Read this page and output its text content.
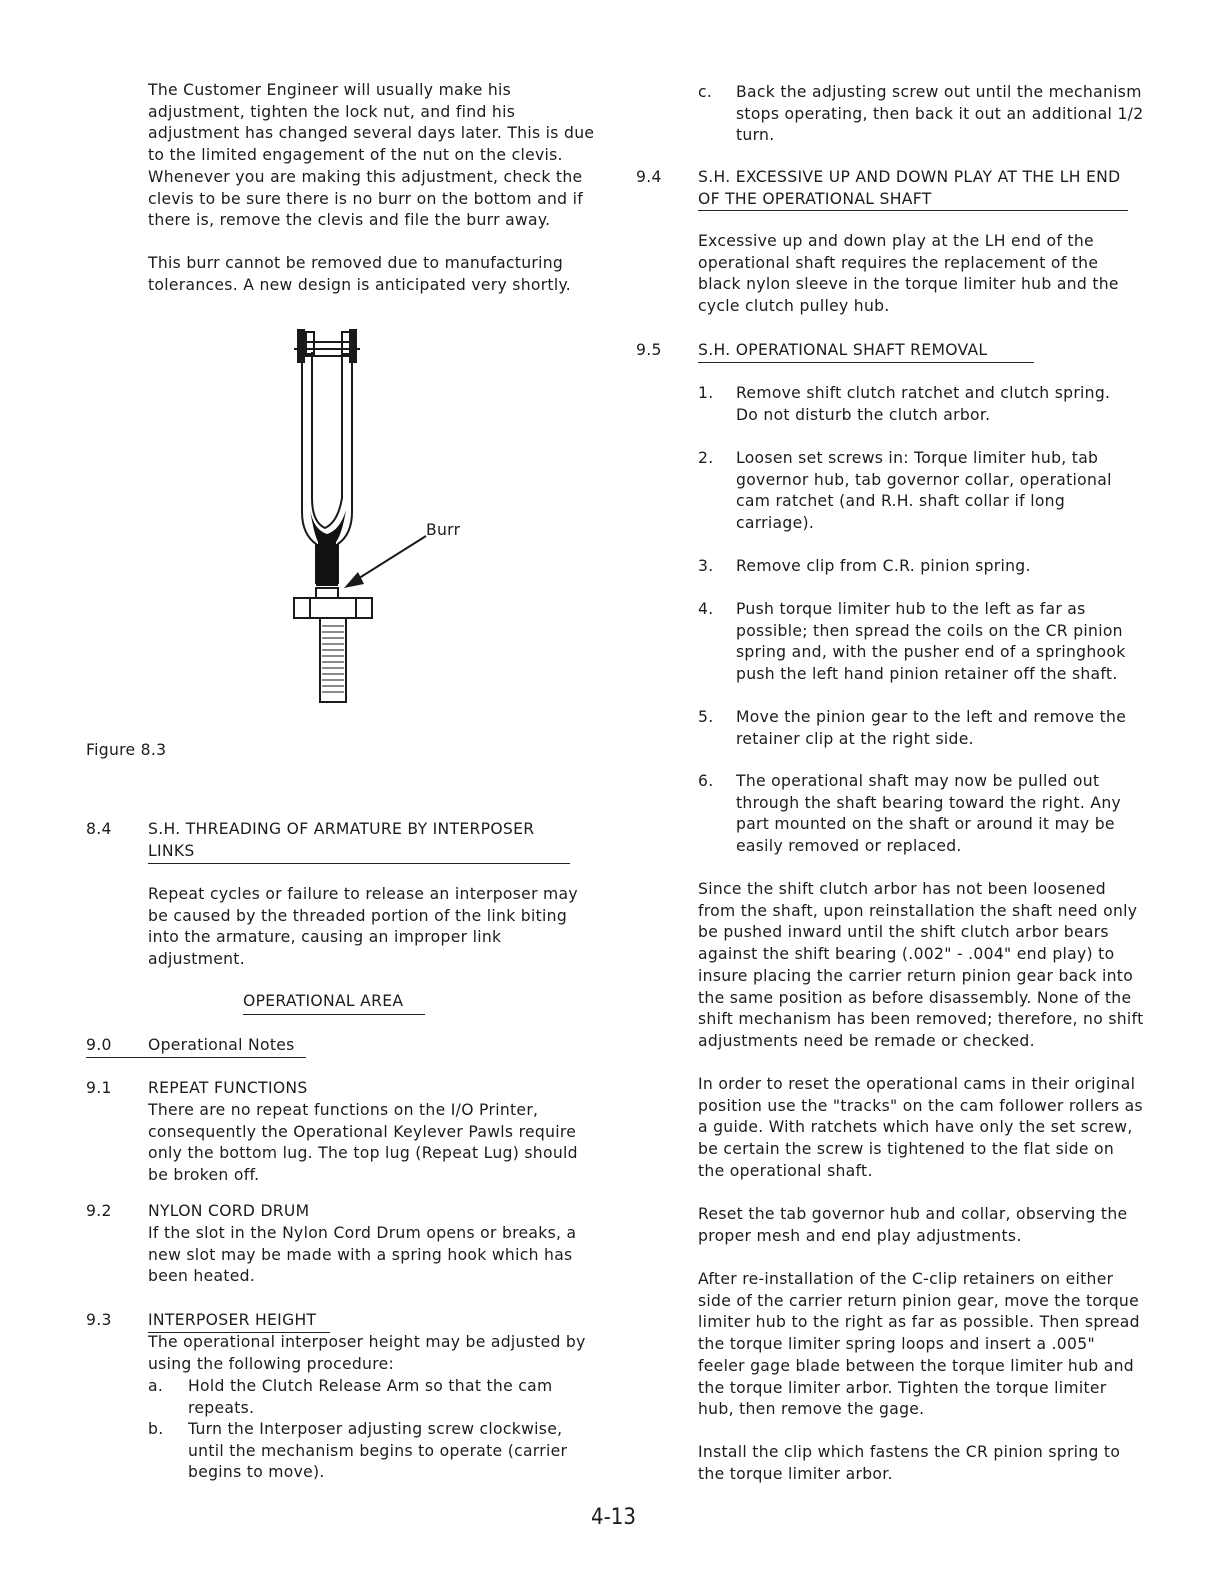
The Customer Engineer will usually make his adjustment, tighten the lock nut, and find his adjustment has changed several days later. This is due to the limited engagement of the nut on the clevis. Whenever you are making this adjustment, check the clevis to be sure there is no burr on the bottom and if there is, remove the clevis and file the burr away.

This burr cannot be removed due to manufacturing tolerances. A new design is anticipated very shortly.

Burr
Figure 8.3
8.4 S.H. THREADING OF ARMATURE BY INTERPOSER LINKS

Repeat cycles or failure to release an interposer may be caused by the threaded portion of the link biting into the armature, causing an improper link adjustment.

OPERATIONAL AREA
9.0 Operational Notes
9.1 REPEAT FUNCTIONS

There are no repeat functions on the I/O Printer, consequently the Operational Keylever Pawls require only the bottom lug. The top lug (Repeat Lug) should be broken off.

9.2 NYLON CORD DRUM

If the slot in the Nylon Cord Drum opens or breaks, a new slot may be made with a spring hook which has been heated.

9.3 INTERPOSER HEIGHT

The operational interposer height may be adjusted by using the following procedure:

a. Hold the Clutch Release Arm so that the cam repeats.

b. Turn the Interposer adjusting screw clockwise, until the mechanism begins to operate (carrier begins to move).

c. Back the adjusting screw out until the mechanism stops operating, then back it out an additional 1/2 turn.

9.4 S.H. EXCESSIVE UP AND DOWN PLAY AT THE LH END OF THE OPERATIONAL SHAFT

Excessive up and down play at the LH end of the operational shaft requires the replacement of the black nylon sleeve in the torque limiter hub and the cycle clutch pulley hub.

9.5 S.H. OPERATIONAL SHAFT REMOVAL
1. Remove shift clutch ratchet and clutch spring. Do not disturb the clutch arbor.

2. Loosen set screws in: Torque limiter hub, tab governor hub, tab governor collar, operational cam ratchet (and R.H. shaft collar if long carriage).

3. Remove clip from C.R. pinion spring.

4. Push torque limiter hub to the left as far as possible; then spread the coils on the CR pinion spring and, with the pusher end of a springhook push the left hand pinion retainer off the shaft.

5. Move the pinion gear to the left and remove the retainer clip at the right side.

6. The operational shaft may now be pulled out through the shaft bearing toward the right. Any part mounted on the shaft or around it may be easily removed or replaced.

Since the shift clutch arbor has not been loosened from the shaft, upon reinstallation the shaft need only be pushed inward until the shift clutch arbor bears against the shift bearing (.002" - .004" end play) to insure placing the carrier return pinion gear back into the same position as before disassembly. None of the shift mechanism has been removed; therefore, no shift adjustments need be remade or checked.

In order to reset the operational cams in their original position use the "tracks" on the cam follower rollers as a guide. With ratchets which have only the set screw, be certain the screw is tightened to the flat side on the operational shaft.

Reset the tab governor hub and collar, observing the proper mesh and end play adjustments.

After re-installation of the C-clip retainers on either side of the carrier return pinion gear, move the torque limiter hub to the right as far as possible. Then spread the torque limiter spring loops and insert a .005" feeler gage blade between the torque limiter hub and the torque limiter arbor. Tighten the torque limiter hub, then remove the gage.

Install the clip which fastens the CR pinion spring to the torque limiter arbor.

4-13
